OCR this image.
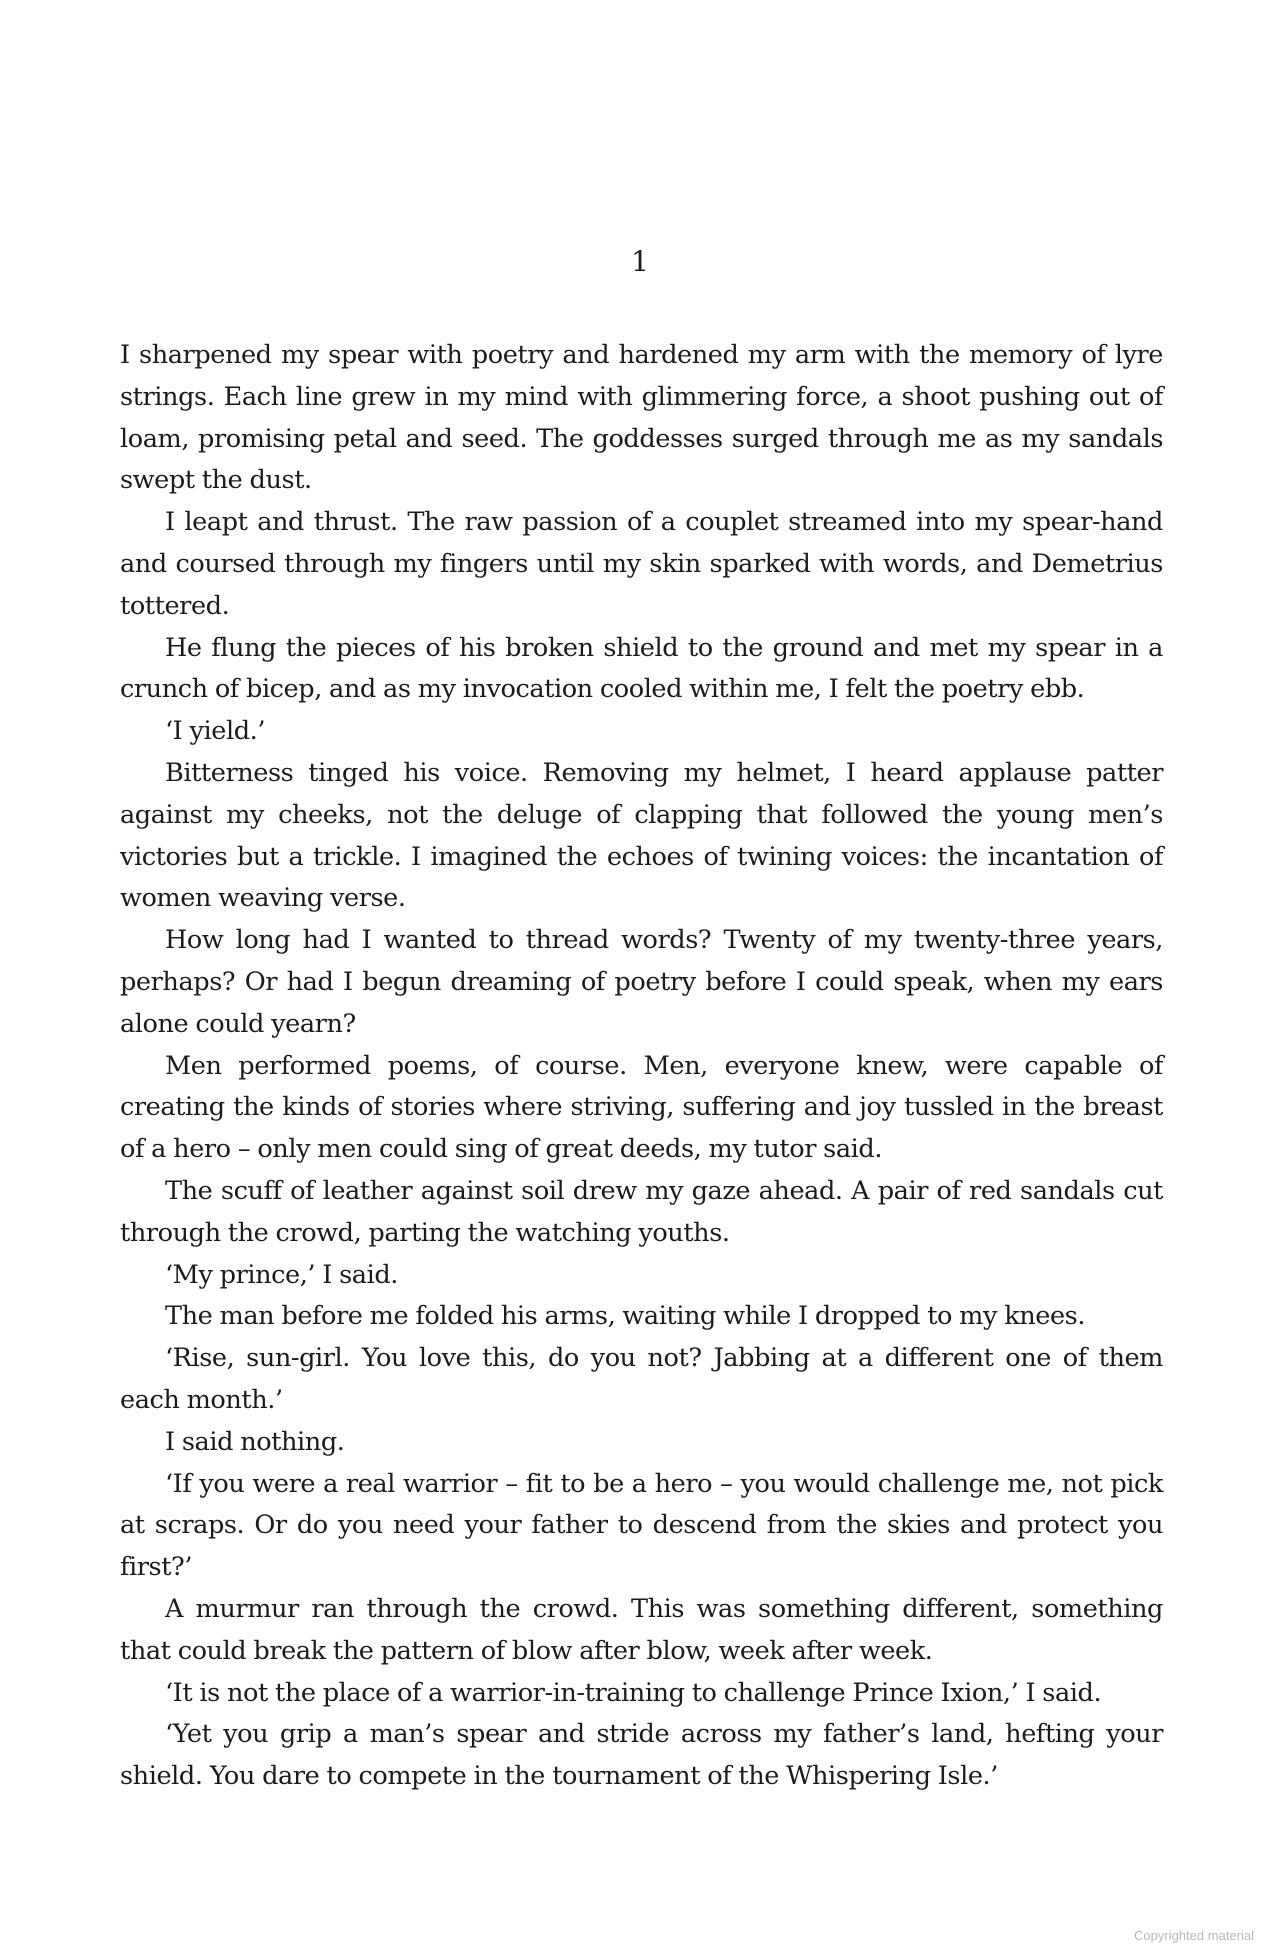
1

I sharpened my spear with poetry and hardened my arm with the memory of lyre strings. Each line grew in my mind with glimmering force, a shoot pushing out of loam, promising petal and seed. The goddesses surged through me as my sandals swept the dust.

I leapt and thrust. The raw passion of a couplet streamed into my spear-hand and coursed through my fingers until my skin sparked with words, and Demetrius tottered.

He flung the pieces of his broken shield to the ground and met my spear in a crunch of bicep, and as my invocation cooled within me, I felt the poetry ebb.

‘I yield.’

Bitterness tinged his voice. Removing my helmet, I heard applause patter against my cheeks, not the deluge of clapping that followed the young men’s victories but a trickle. I imagined the echoes of twining voices: the incantation of women weaving verse.

How long had I wanted to thread words? Twenty of my twenty-three years, perhaps? Or had I begun dreaming of poetry before I could speak, when my ears alone could yearn?

Men performed poems, of course. Men, everyone knew, were capable of creating the kinds of stories where striving, suffering and joy tussled in the breast of a hero – only men could sing of great deeds, my tutor said.

The scuff of leather against soil drew my gaze ahead. A pair of red sandals cut through the crowd, parting the watching youths.

‘My prince,’ I said.

The man before me folded his arms, waiting while I dropped to my knees.

‘Rise, sun-girl. You love this, do you not? Jabbing at a different one of them each month.’

I said nothing.

‘If you were a real warrior – fit to be a hero – you would challenge me, not pick at scraps. Or do you need your father to descend from the skies and protect you first?’

A murmur ran through the crowd. This was something different, something that could break the pattern of blow after blow, week after week.

‘It is not the place of a warrior-in-training to challenge Prince Ixion,’ I said.

‘Yet you grip a man’s spear and stride across my father’s land, hefting your shield. You dare to compete in the tournament of the Whispering Isle.’

Copyrighted material
